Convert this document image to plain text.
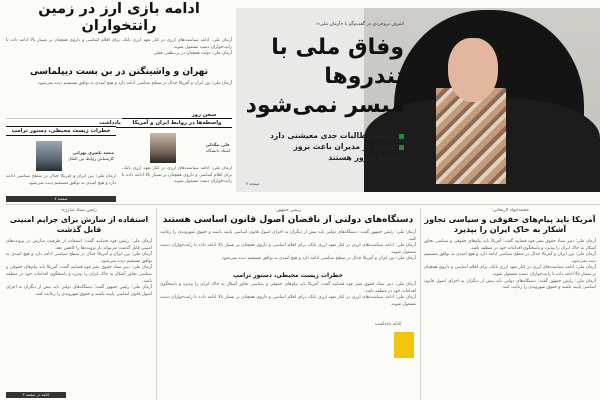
ادامه بازی ارز در زمین رانتخواران
آرمان ملی: ادامه سیاست‌های ارزی در کنار تعهد ارزی بانک، برای اقلام اساسی و داروی همچنان بر بسیار بالا ادامه داده تا رانت‌خواران دست مشغول شوند.
آرمان ملی؛ دولت همچنان در بی‌نظمی فعلی
تهران و واشینگتن در بن بست دیپلماسی
آرمان ملی؛ بین ایران و آمریکا جدال در سطح سیاسی ادامه دارد و هیچ امیدی به توافق مستقیم دیده نمی‌شود.
یادداشت
سخن روز
خطرات زیست محیطی، دستور ترامپ
واسطه‌ها در روابط ایران و آمریکا
محمد ناصری تهرانی
کارشناس روابط بین الملل
علی بیگدلی
استاد دانشگاه
آرمان ملی؛ بین ایران و آمریکا جدال در سطح سیاسی ادامه دارد و هیچ امیدی به توافق مستقیم دیده نمی‌شود.
آرمان ملی: ادامه سیاست‌های ارزی در کنار تعهد ارزی بانک، برای اقلام اساسی و داروی همچنان بر بسیار بالا ادامه داده تا رانت‌خواران دست مشغول شوند.
صفحه ۷
اشرف بروجردی در گفت‌وگو با «آرمان ملی»:
وفاق ملی با تندروها
میسر نمی‌شود
جامعه مطالبات جدی معیشتی دارد
عده‌ای از مدیران باعث بروز
شرایط امروز هستند
صفحه ۷
محمدجواد لاریجانی:
آمریکا باید پیام‌های حقوقی و سیاسی تجاوز آشکار به خاک ایران را بپذیرد
آرمان ملی: دبیر ستاد حقوق بشر قوه قضاییه گفت: آمریکا باید پیام‌های حقوقی و سیاسی تجاوز آشکار به خاک ایران را بپذیرد و پاسخگوی اقدامات خود در منطقه باشد.
آرمان ملی؛ بین ایران و آمریکا جدال در سطح سیاسی ادامه دارد و هیچ امیدی به توافق مستقیم دیده نمی‌شود.
آرمان ملی: ادامه سیاست‌های ارزی در کنار تعهد ارزی بانک، برای اقلام اساسی و داروی همچنان بر بسیار بالا ادامه داده تا رانت‌خواران دست مشغول شوند.
آرمان ملی: رئیس جمهور گفت: دستگاه‌های دولتی باید بیش از دیگران به اجرای اصول قانون اساسی پایبند باشند و حقوق شهروندی را رعایت کنند.
رییس جمهور:
دستگاه‌های دولتی از ناقضان اصول قانون اساسی هستند
آرمان ملی: رئیس جمهور گفت: دستگاه‌های دولتی باید بیش از دیگران به اجرای اصول قانون اساسی پایبند باشند و حقوق شهروندی را رعایت کنند.
آرمان ملی: ادامه سیاست‌های ارزی در کنار تعهد ارزی بانک، برای اقلام اساسی و داروی همچنان بر بسیار بالا ادامه داده تا رانت‌خواران دست مشغول شوند.
آرمان ملی؛ بین ایران و آمریکا جدال در سطح سیاسی ادامه دارد و هیچ امیدی به توافق مستقیم دیده نمی‌شود.
خطرات زیست محیطی، دستور ترامپ
آرمان ملی: دبیر ستاد حقوق بشر قوه قضاییه گفت: آمریکا باید پیام‌های حقوقی و سیاسی تجاوز آشکار به خاک ایران را بپذیرد و پاسخگوی اقدامات خود در منطقه باشد.
آرمان ملی: ادامه سیاست‌های ارزی در کنار تعهد ارزی بانک، برای اقلام اساسی و داروی همچنان بر بسیار بالا ادامه داده تا رانت‌خواران دست مشغول شوند.
کتابه یادداشت
رئیس ستاد مبارزه:
استفاده از سازش برای جرایم امنیتی قابل گذشت
آرمان ملی: رئیس قوه قضاییه گفت: استفاده از ظرفیت سازش در پرونده‌های امنیتی قابل گذشت می‌تواند بار پرونده‌ها را کاهش دهد.
آرمان ملی؛ بین ایران و آمریکا جدال در سطح سیاسی ادامه دارد و هیچ امیدی به توافق مستقیم دیده نمی‌شود.
آرمان ملی: دبیر ستاد حقوق بشر قوه قضاییه گفت: آمریکا باید پیام‌های حقوقی و سیاسی تجاوز آشکار به خاک ایران را بپذیرد و پاسخگوی اقدامات خود در منطقه باشد.
آرمان ملی: رئیس جمهور گفت: دستگاه‌های دولتی باید بیش از دیگران به اجرای اصول قانون اساسی پایبند باشند و حقوق شهروندی را رعایت کنند.
ادامه در صفحه ۳
